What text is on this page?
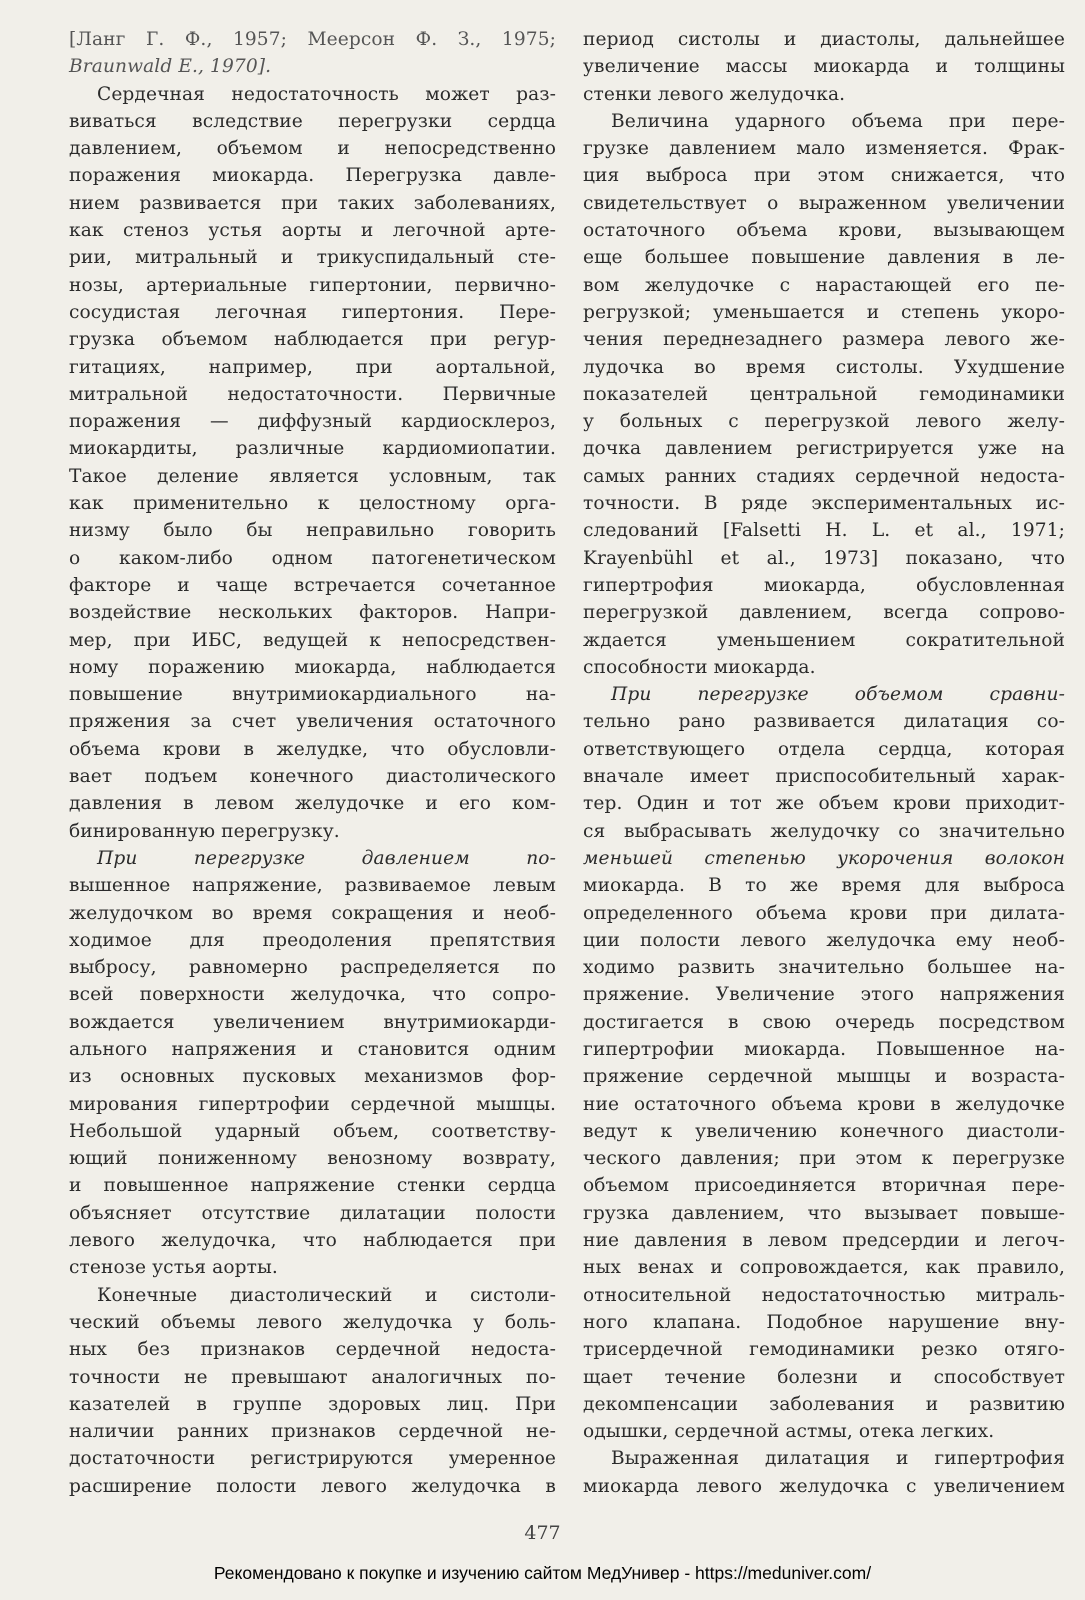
[Ланг Г. Ф., 1957; Меерсон Ф. З., 1975;
Braunwald E., 1970].
Сердечная недостаточность может раз-
виваться вследствие перегрузки сердца
давлением, объемом и непосредственно
поражения миокарда. Перегрузка давле-
нием развивается при таких заболеваниях,
как стеноз устья аорты и легочной арте-
рии, митральный и трикуспидальный сте-
нозы, артериальные гипертонии, первично-
сосудистая легочная гипертония. Пере-
грузка объемом наблюдается при регур-
гитациях, например, при аортальной,
митральной недостаточности. Первичные
поражения — диффузный кардиосклероз,
миокардиты, различные кардиомиопатии.
Такое деление является условным, так
как применительно к целостному орга-
низму было бы неправильно говорить
о каком-либо одном патогенетическом
факторе и чаще встречается сочетанное
воздействие нескольких факторов. Напри-
мер, при ИБС, ведущей к непосредствен-
ному поражению миокарда, наблюдается
повышение внутримиокардиального на-
пряжения за счет увеличения остаточного
объема крови в желудке, что обусловли-
вает подъем конечного диастолического
давления в левом желудочке и его ком-
бинированную перегрузку.
При перегрузке давлением по-
вышенное напряжение, развиваемое левым
желудочком во время сокращения и необ-
ходимое для преодоления препятствия
выбросу, равномерно распределяется по
всей поверхности желудочка, что сопро-
вождается увеличением внутримиокарди-
ального напряжения и становится одним
из основных пусковых механизмов фор-
мирования гипертрофии сердечной мышцы.
Небольшой ударный объем, соответству-
ющий пониженному венозному возврату,
и повышенное напряжение стенки сердца
объясняет отсутствие дилатации полости
левого желудочка, что наблюдается при
стенозе устья аорты.
Конечные диастолический и систоли-
ческий объемы левого желудочка у боль-
ных без признаков сердечной недоста-
точности не превышают аналогичных по-
казателей в группе здоровых лиц. При
наличии ранних признаков сердечной не-
достаточности регистрируются умеренное
расширение полости левого желудочка в
период систолы и диастолы, дальнейшее
увеличение массы миокарда и толщины
стенки левого желудочка.
Величина ударного объема при пере-
грузке давлением мало изменяется. Фрак-
ция выброса при этом снижается, что
свидетельствует о выраженном увеличении
остаточного объема крови, вызывающем
еще большее повышение давления в ле-
вом желудочке с нарастающей его пе-
регрузкой; уменьшается и степень укоро-
чения переднезаднего размера левого же-
лудочка во время систолы. Ухудшение
показателей центральной гемодинамики
у больных с перегрузкой левого желу-
дочка давлением регистрируется уже на
самых ранних стадиях сердечной недоста-
точности. В ряде экспериментальных ис-
следований [Falsetti H. L. et al., 1971;
Krayenbühl et al., 1973] показано, что
гипертрофия миокарда, обусловленная
перегрузкой давлением, всегда сопрово-
ждается уменьшением сократительной
способности миокарда.
При перегрузке объемом сравни-
тельно рано развивается дилатация со-
ответствующего отдела сердца, которая
вначале имеет приспособительный харак-
тер. Один и тот же объем крови приходит-
ся выбрасывать желудочку со значительно
меньшей степенью укорочения волокон
миокарда. В то же время для выброса
определенного объема крови при дилата-
ции полости левого желудочка ему необ-
ходимо развить значительно большее на-
пряжение. Увеличение этого напряжения
достигается в свою очередь посредством
гипертрофии миокарда. Повышенное на-
пряжение сердечной мышцы и возраста-
ние остаточного объема крови в желудочке
ведут к увеличению конечного диастоли-
ческого давления; при этом к перегрузке
объемом присоединяется вторичная пере-
грузка давлением, что вызывает повыше-
ние давления в левом предсердии и легоч-
ных венах и сопровождается, как правило,
относительной недостаточностью митраль-
ного клапана. Подобное нарушение вну-
трисердечной гемодинамики резко отяго-
щает течение болезни и способствует
декомпенсации заболевания и развитию
одышки, сердечной астмы, отека легких.
Выраженная дилатация и гипертрофия
миокарда левого желудочка с увеличением
477
Рекомендовано к покупке и изучению сайтом МедУнивер - https://meduniver.com/
